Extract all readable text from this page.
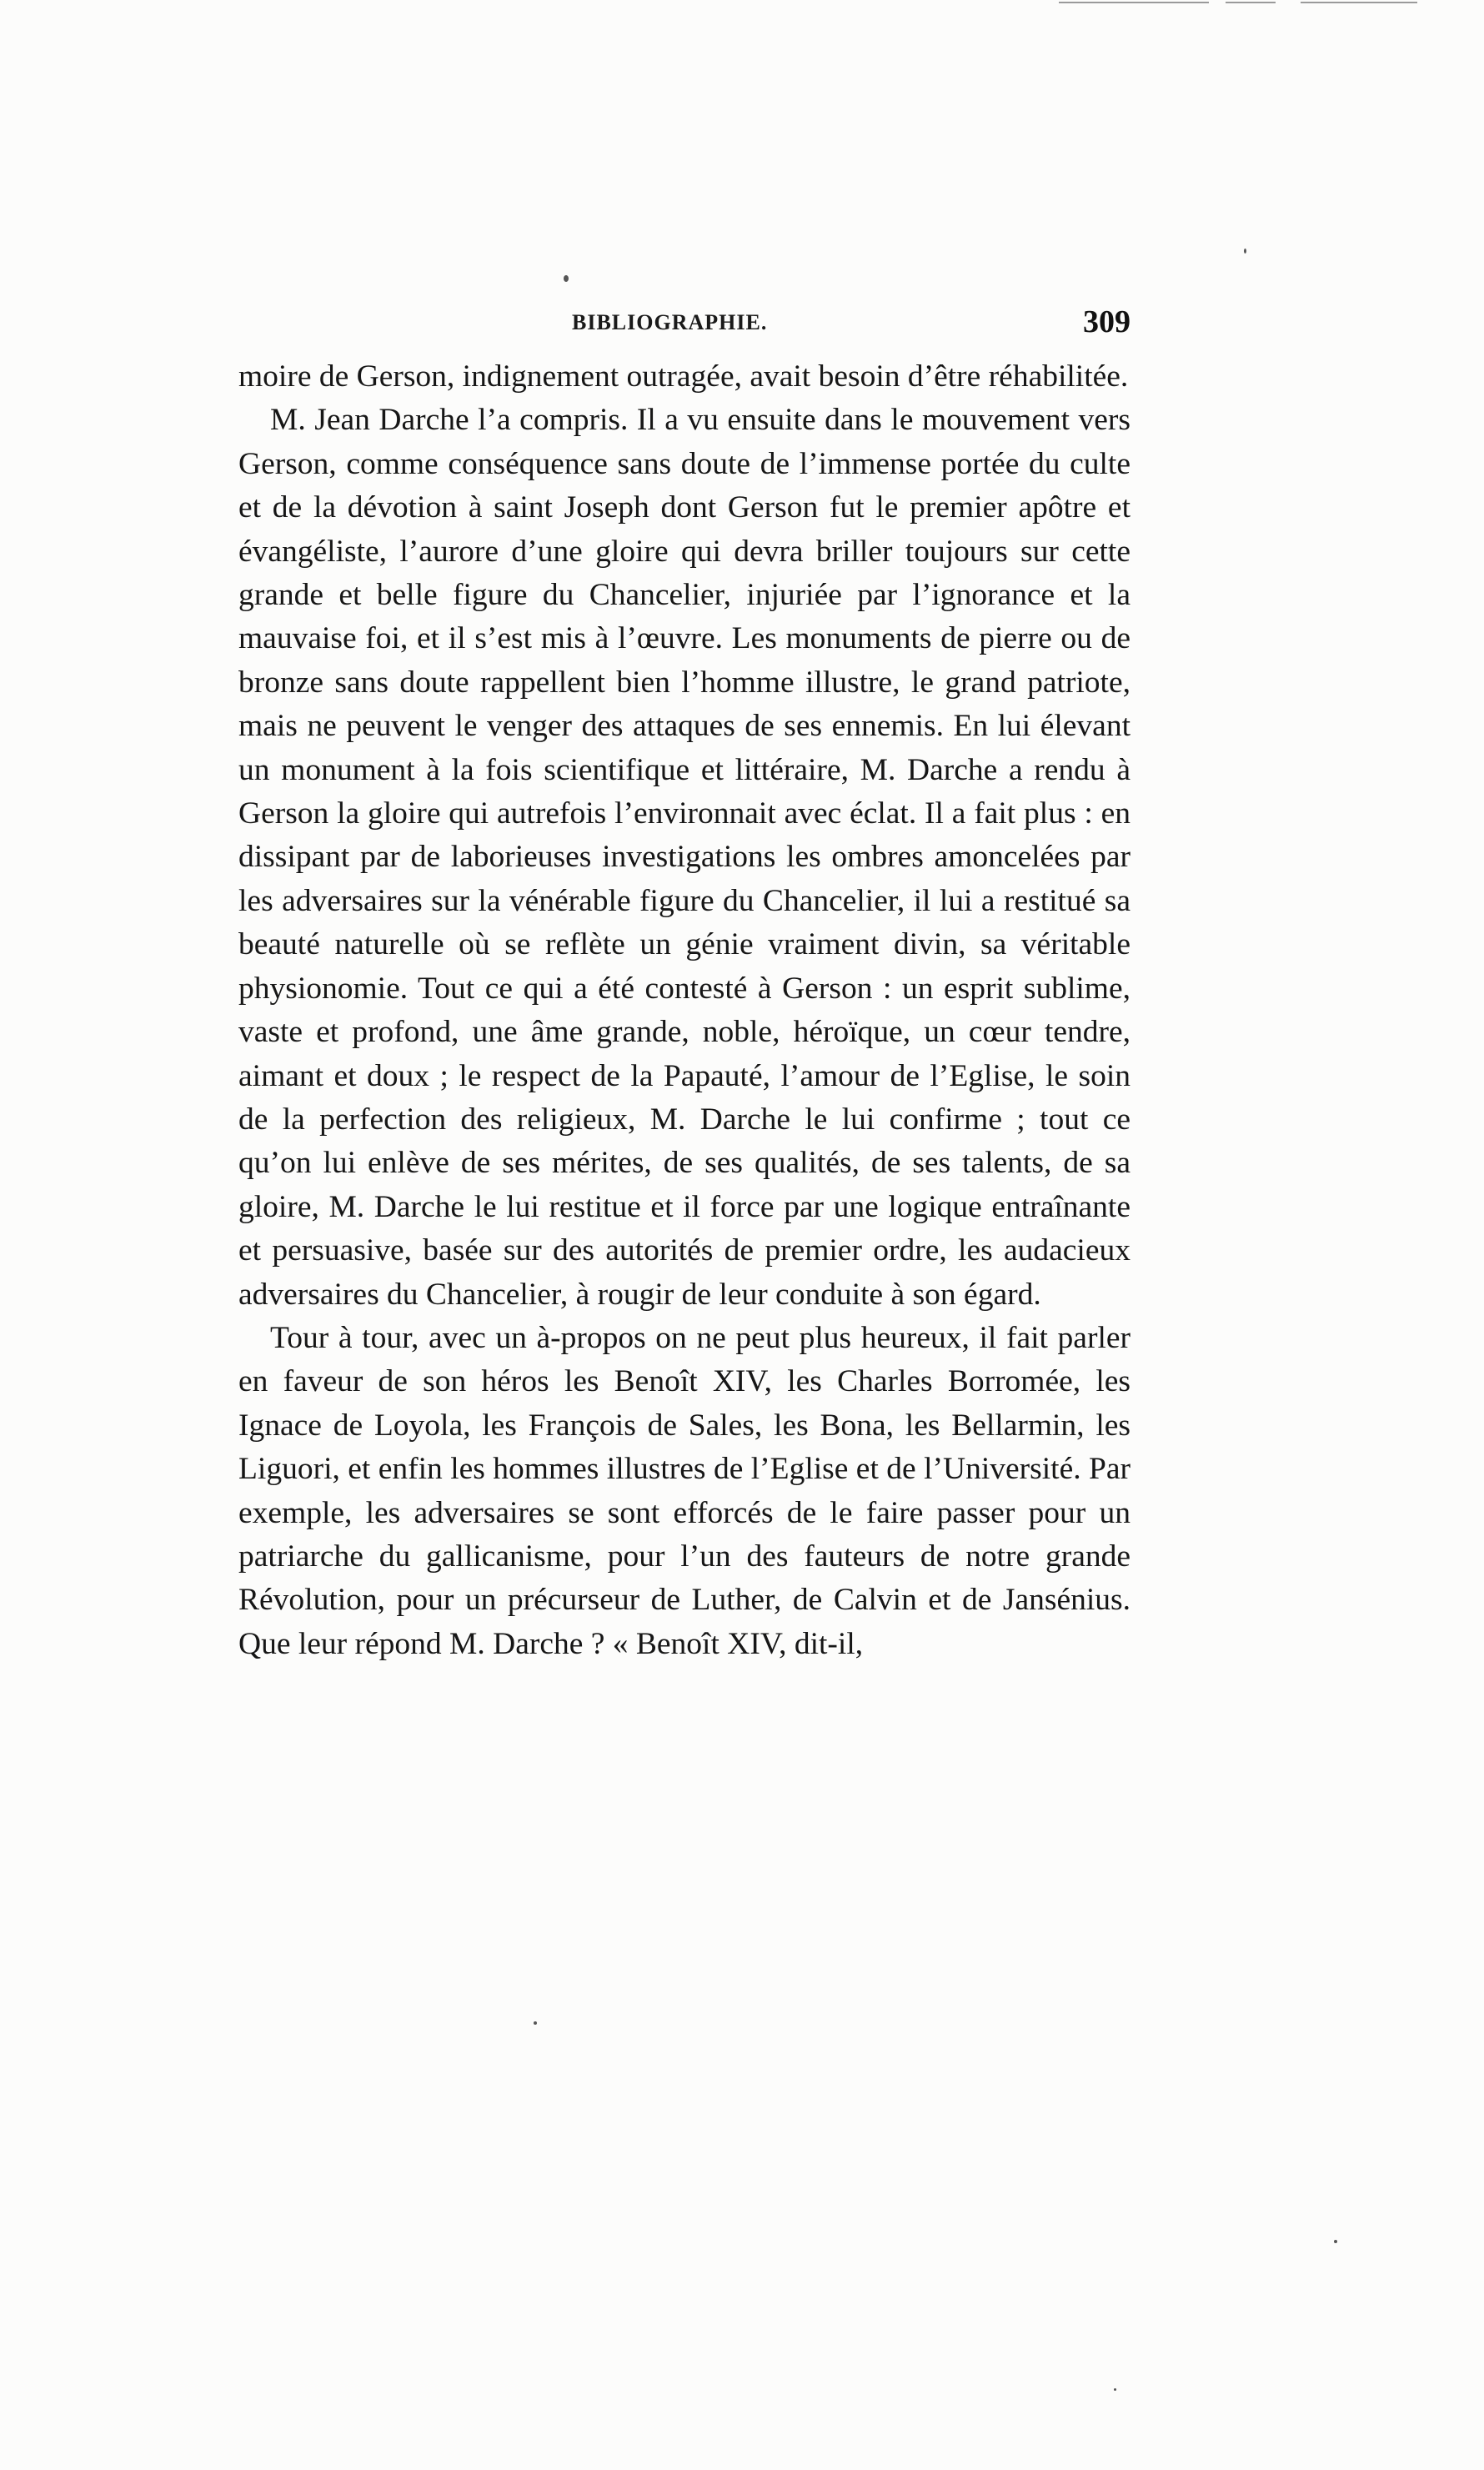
BIBLIOGRAPHIE.	309

moire de Gerson, indignement outragée, avait besoin d’être réhabilitée.

M. Jean Darche l’a compris. Il a vu ensuite dans le mouvement vers Gerson, comme conséquence sans doute de l’immense portée du culte et de la dévotion à saint Joseph dont Gerson fut le premier apôtre et évangéliste, l’aurore d’une gloire qui devra briller toujours sur cette grande et belle figure du Chancelier, injuriée par l’ignorance et la mauvaise foi, et il s’est mis à l’œuvre. Les monuments de pierre ou de bronze sans doute rappellent bien l’homme illustre, le grand patriote, mais ne peuvent le venger des attaques de ses ennemis. En lui élevant un monument à la fois scientifique et littéraire, M. Darche a rendu à Gerson la gloire qui autrefois l’environnait avec éclat. Il a fait plus : en dissipant par de laborieuses investigations les ombres amoncelées par les adversaires sur la vénérable figure du Chancelier, il lui a restitué sa beauté naturelle où se reflète un génie vraiment divin, sa véritable physionomie. Tout ce qui a été contesté à Gerson : un esprit sublime, vaste et profond, une âme grande, noble, héroïque, un cœur tendre, aimant et doux ; le respect de la Papauté, l’amour de l’Eglise, le soin de la perfection des religieux, M. Darche le lui confirme ; tout ce qu’on lui enlève de ses mérites, de ses qualités, de ses talents, de sa gloire, M. Darche le lui restitue et il force par une logique entraînante et persuasive, basée sur des autorités de premier ordre, les audacieux adversaires du Chancelier, à rougir de leur conduite à son égard.

Tour à tour, avec un à-propos on ne peut plus heureux, il fait parler en faveur de son héros les Benoît XIV, les Charles Borromée, les Ignace de Loyola, les François de Sales, les Bona, les Bellarmin, les Liguori, et enfin les hommes illustres de l’Eglise et de l’Université. Par exemple, les adversaires se sont efforcés de le faire passer pour un patriarche du gallicanisme, pour l’un des fauteurs de notre grande Révolution, pour un précurseur de Luther, de Calvin et de Jansénius. Que leur répond M. Darche ? « Benoît XIV, dit-il,
